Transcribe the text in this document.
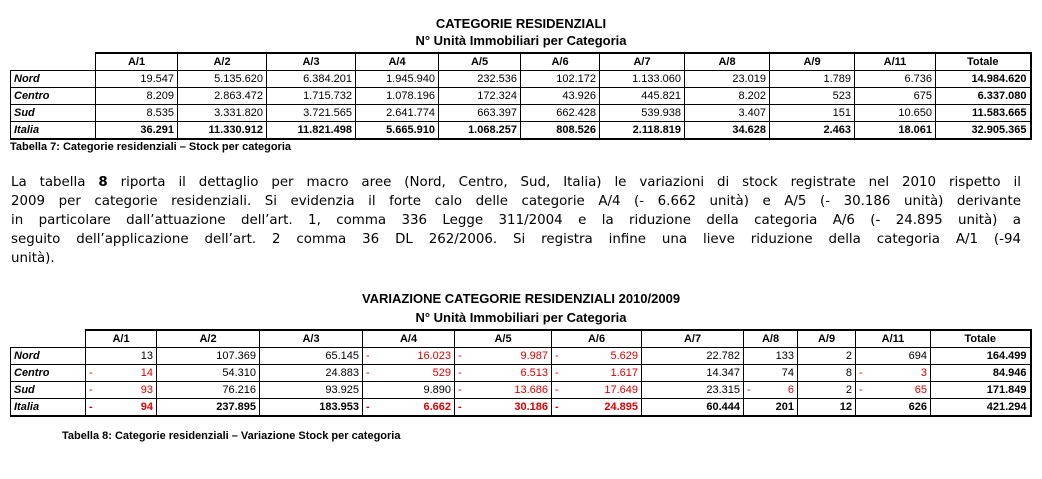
CATEGORIE RESIDENZIALI
N° Unità Immobiliari per Categoria
	A/1	A/2	A/3	A/4	A/5	A/6	A/7	A/8	A/9	A/11	Totale
Nord	19.547	5.135.620	6.384.201	1.945.940	232.536	102.172	1.133.060	23.019	1.789	6.736	14.984.620
Centro	8.209	2.863.472	1.715.732	1.078.196	172.324	43.926	445.821	8.202	523	675	6.337.080
Sud	8.535	3.331.820	3.721.565	2.641.774	663.397	662.428	539.938	3.407	151	10.650	11.583.665
Italia	36.291	11.330.912	11.821.498	5.665.910	1.068.257	808.526	2.118.819	34.628	2.463	18.061	32.905.365
Tabella 7: Categorie residenziali – Stock per categoria
La tabella 8 riporta il dettaglio per macro aree (Nord, Centro, Sud, Italia) le variazioni di stock registrate nel 2010 rispetto il
2009 per categorie residenziali. Si evidenzia il forte calo delle categorie A/4 (- 6.662 unità) e A/5 (- 30.186 unità) derivante
in particolare dall’attuazione dell’art. 1, comma 336 Legge 311/2004 e la riduzione della categoria A/6 (- 24.895 unità) a
seguito dell’applicazione dell’art. 2 comma 36 DL 262/2006. Si registra infine una lieve riduzione della categoria A/1 (-94
unità).
VARIAZIONE CATEGORIE RESIDENZIALI 2010/2009
N° Unità Immobiliari per Categoria
	A/1	A/2	A/3	A/4	A/5	A/6	A/7	A/8	A/9	A/11	Totale
Nord	13	107.369	65.145	- 16.023	- 9.987	- 5.629	22.782	133	2	694	164.499

Centro	- 14	54.310	24.883	- 529	- 6.513	- 1.617	14.347	74	8	- 3	84.946

Sud	- 93	76.216	93.925	9.890	- 13.686	- 17.649	23.315	- 6	2	- 65	171.849

Italia	- 94	237.895	183.953	- 6.662	- 30.186	- 24.895	60.444	201	12	626	421.294
Tabella 8: Categorie residenziali – Variazione Stock per categoria
